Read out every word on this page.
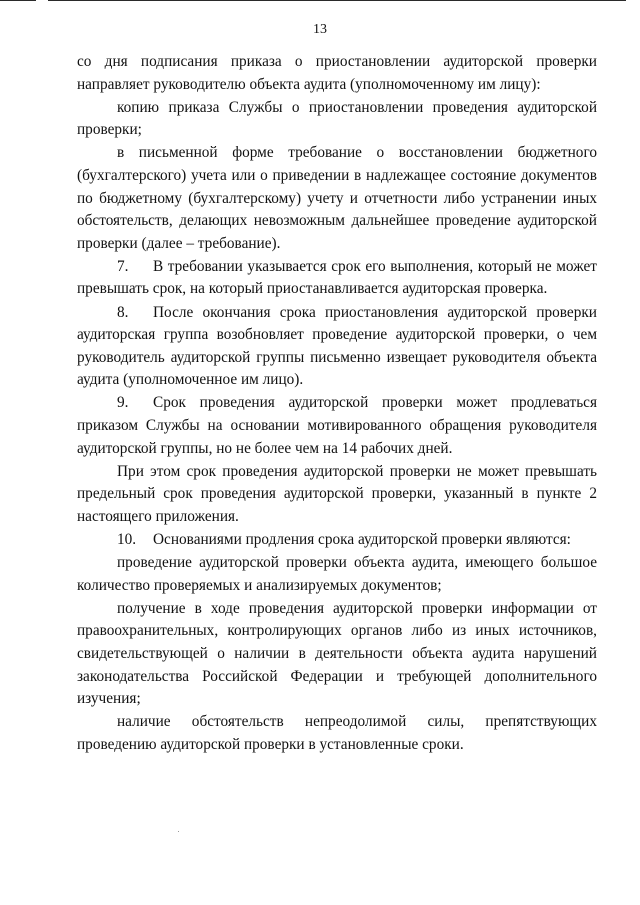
13

со дня подписания приказа о приостановлении аудиторской проверки направляет руководителю объекта аудита (уполномоченному им лицу):

копию приказа Службы о приостановлении проведения аудиторской проверки;

в письменной форме требование о восстановлении бюджетного (бухгалтерского) учета или о приведении в надлежащее состояние документов по бюджетному (бухгалтерскому) учету и отчетности либо устранении иных обстоятельств, делающих невозможным дальнейшее проведение аудиторской проверки (далее – требование).

7. В требовании указывается срок его выполнения, который не может превышать срок, на который приостанавливается аудиторская проверка.

8. После окончания срока приостановления аудиторской проверки аудиторская группа возобновляет проведение аудиторской проверки, о чем руководитель аудиторской группы письменно извещает руководителя объекта аудита (уполномоченное им лицо).

9. Срок проведения аудиторской проверки может продлеваться приказом Службы на основании мотивированного обращения руководителя аудиторской группы, но не более чем на 14 рабочих дней.

При этом срок проведения аудиторской проверки не может превышать предельный срок проведения аудиторской проверки, указанный в пункте 2 настоящего приложения.

10. Основаниями продления срока аудиторской проверки являются:

проведение аудиторской проверки объекта аудита, имеющего большое количество проверяемых и анализируемых документов;

получение в ходе проведения аудиторской проверки информации от правоохранительных, контролирующих органов либо из иных источников, свидетельствующей о наличии в деятельности объекта аудита нарушений законодательства Российской Федерации и требующей дополнительного изучения;

наличие обстоятельств непреодолимой силы, препятствующих проведению аудиторской проверки в установленные сроки.
